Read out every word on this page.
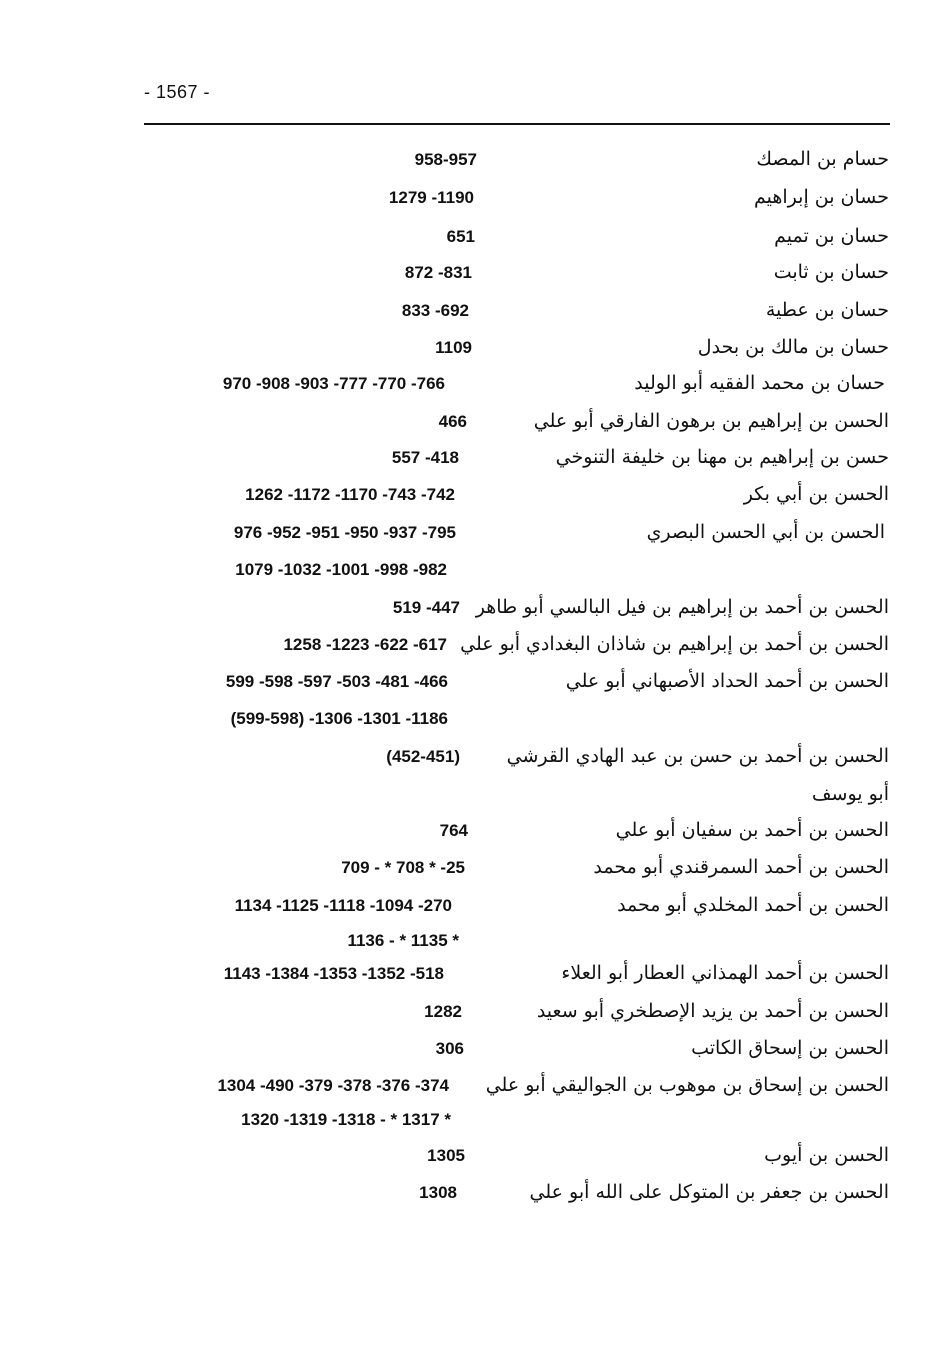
- 1567 -
حسام بن المصك
958-957
حسان بن إبراهيم
1279 -1190
حسان بن تميم
651
حسان بن ثابت
872 -831
حسان بن عطية
833 -692
حسان بن مالك بن بحدل
1109
حسان بن محمد الفقيه أبو الوليد
970 -908 -903 -777 -770 -766
الحسن بن إبراهيم بن برهون الفارقي أبو علي
466
حسن بن إبراهيم بن مهنا بن خليفة التنوخي
557 -418
الحسن بن أبي بكر
1262 -1172 -1170 -743 -742
الحسن بن أبي الحسن البصري
976 -952 -951 -950 -937 -795
1079 -1032 -1001 -998 -982
الحسن بن أحمد بن إبراهيم بن فيل البالسي أبو طاهر
519 -447
الحسن بن أحمد بن إبراهيم بن شاذان البغدادي أبو علي
1258 -1223 -622 -617
الحسن بن أحمد الحداد الأصبهاني أبو علي
599 -598 -597 -503 -481 -466
(599-598) -1306 -1301 -1186
الحسن بن أحمد بن حسن بن عبد الهادي القرشي
(452-451)
أبو يوسف
الحسن بن أحمد بن سفيان أبو علي
764
الحسن بن أحمد السمرقندي أبو محمد
709 - * 708 * -25
الحسن بن أحمد المخلدي أبو محمد
1134 -1125 -1118 -1094 -270
1136 - * 1135 *
الحسن بن أحمد الهمذاني العطار أبو العلاء
1143 -1384 -1353 -1352 -518
الحسن بن أحمد بن يزيد الإصطخري أبو سعيد
1282
الحسن بن إسحاق الكاتب
306
الحسن بن إسحاق بن موهوب بن الجواليقي أبو علي
1304 -490 -379 -378 -376 -374
1320 -1319 -1318 - * 1317 *
الحسن بن أيوب
1305
الحسن بن جعفر بن المتوكل على الله أبو علي
1308
